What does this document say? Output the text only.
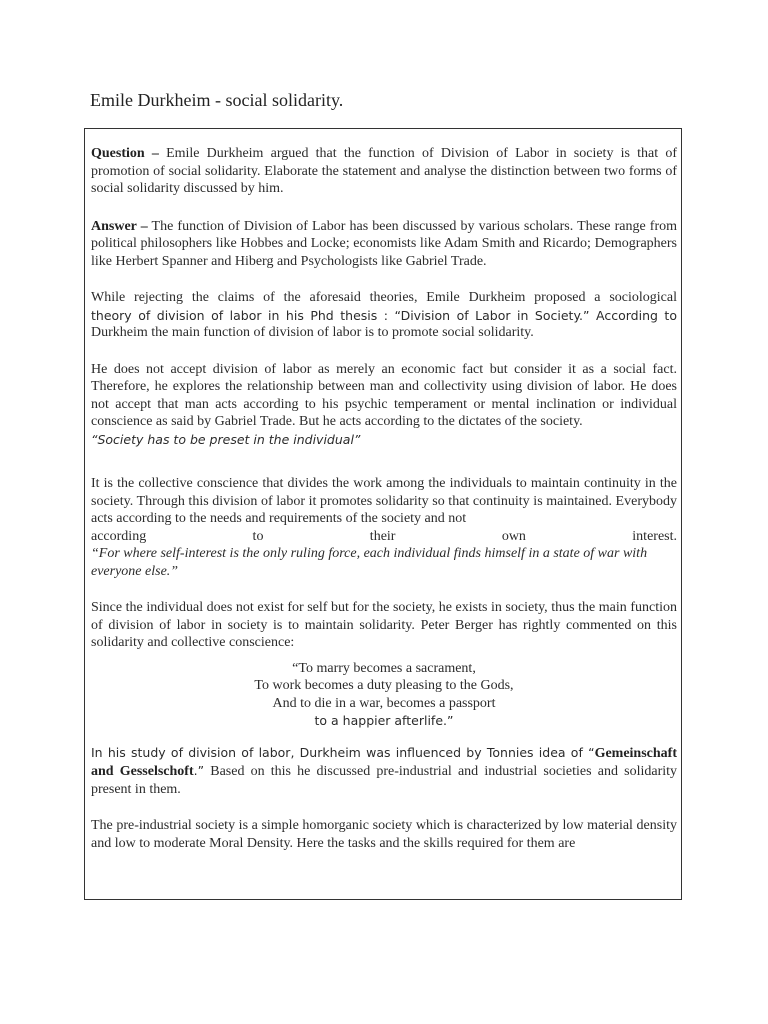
Emile Durkheim - social solidarity.

Question – Emile Durkheim argued that the function of Division of Labor in society is that of promotion of social solidarity. Elaborate the statement and analyse the distinction between two forms of social solidarity discussed by him.

Answer – The function of Division of Labor has been discussed by various scholars. These range from political philosophers like Hobbes and Locke; economists like Adam Smith and Ricardo; Demographers like Herbert Spanner and Hiberg and Psychologists like Gabriel Trade.

While rejecting the claims of the aforesaid theories, Emile Durkheim proposed a sociological

theory of division of labor in his Phd thesis : “Division of Labor in Society.” According to

Durkheim the main function of division of labor is to promote social solidarity.

He does not accept division of labor as merely an economic fact but consider it as a social fact. Therefore, he explores the relationship between man and collectivity using division of labor. He does not accept that man acts according to his psychic temperament or mental inclination or individual conscience as said by Gabriel Trade. But he acts according to the dictates of the society.

“Society has to be preset in the individual”

It is the collective conscience that divides the work among the individuals to maintain continuity in the society. Through this division of labor it promotes solidarity so that continuity is maintained. Everybody acts according to the needs and requirements of the society and not

according to their own interest.

“For where self-interest is the only ruling force, each individual finds himself in a state of war with everyone else.”

Since the individual does not exist for self but for the society, he exists in society, thus the main function of division of labor in society is to maintain solidarity. Peter Berger has rightly commented on this solidarity and collective conscience:

“To marry becomes a sacrament,
To work becomes a duty pleasing to the Gods,
And to die in a war, becomes a passport
to a happier afterlife.”

In his study of division of labor, Durkheim was influenced by Tonnies idea of “Gemeinschaft and Gesselschoft.” Based on this he discussed pre-industrial and industrial societies and solidarity present in them.

The pre-industrial society is a simple homorganic society which is characterized by low material density and low to moderate Moral Density. Here the tasks and the skills required for them are
